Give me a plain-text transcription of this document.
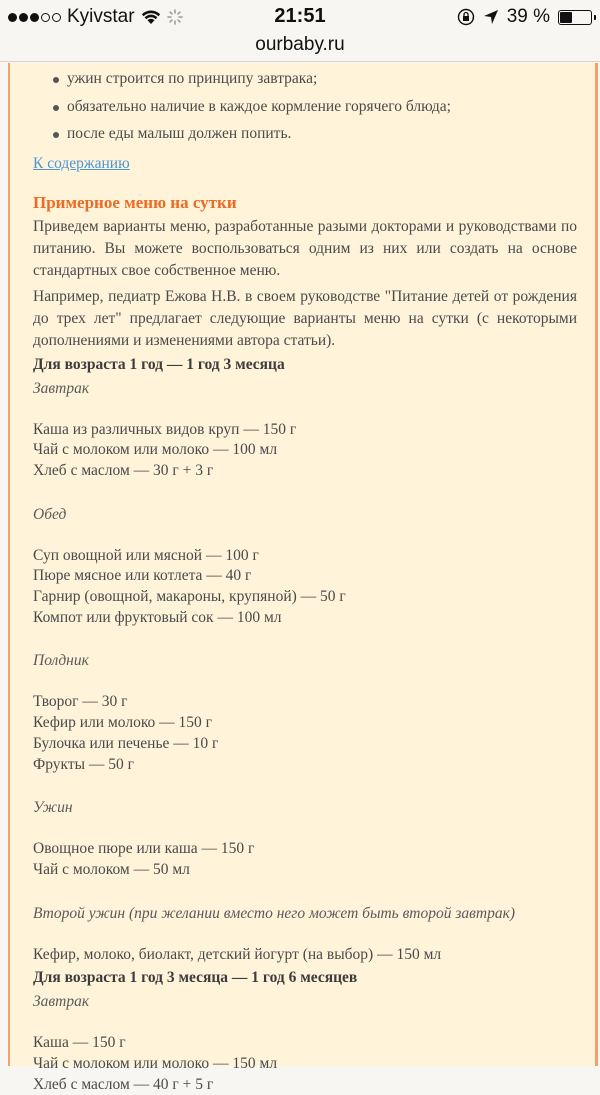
Kyivstar	21:51	39 %
ourbaby.ru
ужин строится по принципу завтрака;
обязательно наличие в каждое кормление горячего блюда;
после еды малыш должен попить.
К содержанию
Примерное меню на сутки

Приведем варианты меню, разработанные разыми докторами и руководствами по питанию. Вы можете воспользоваться одним из них или создать на основе стандартных свое собственное меню.

Например, педиатр Ежова Н.В. в своем руководстве "Питание детей от рождения до трех лет" предлагает следующие варианты меню на сутки (с некоторыми дополнениями и изменениями автора статьи).

Для возраста 1 год — 1 год 3 месяца
Завтрак
Каша из различных видов круп — 150 г
Чай с молоком или молоко — 100 мл
Хлеб с маслом — 30 г + 3 г
Обед
Суп овощной или мясной — 100 г
Пюре мясное или котлета — 40 г
Гарнир (овощной, макароны, крупяной) — 50 г
Компот или фруктовый сок — 100 мл
Полдник
Творог — 30 г
Кефир или молоко — 150 г
Булочка или печенье — 10 г
Фрукты — 50 г
Ужин
Овощное пюре или каша — 150 г
Чай с молоком — 50 мл
Второй ужин (при желании вместо него может быть второй завтрак)
Кефир, молоко, биолакт, детский йогурт (на выбор) — 150 мл
Для возраста 1 год 3 месяца — 1 год 6 месяцев
Завтрак
Каша — 150 г
Чай с молоком или молоко — 150 мл
Хлеб с маслом — 40 г + 5 г
